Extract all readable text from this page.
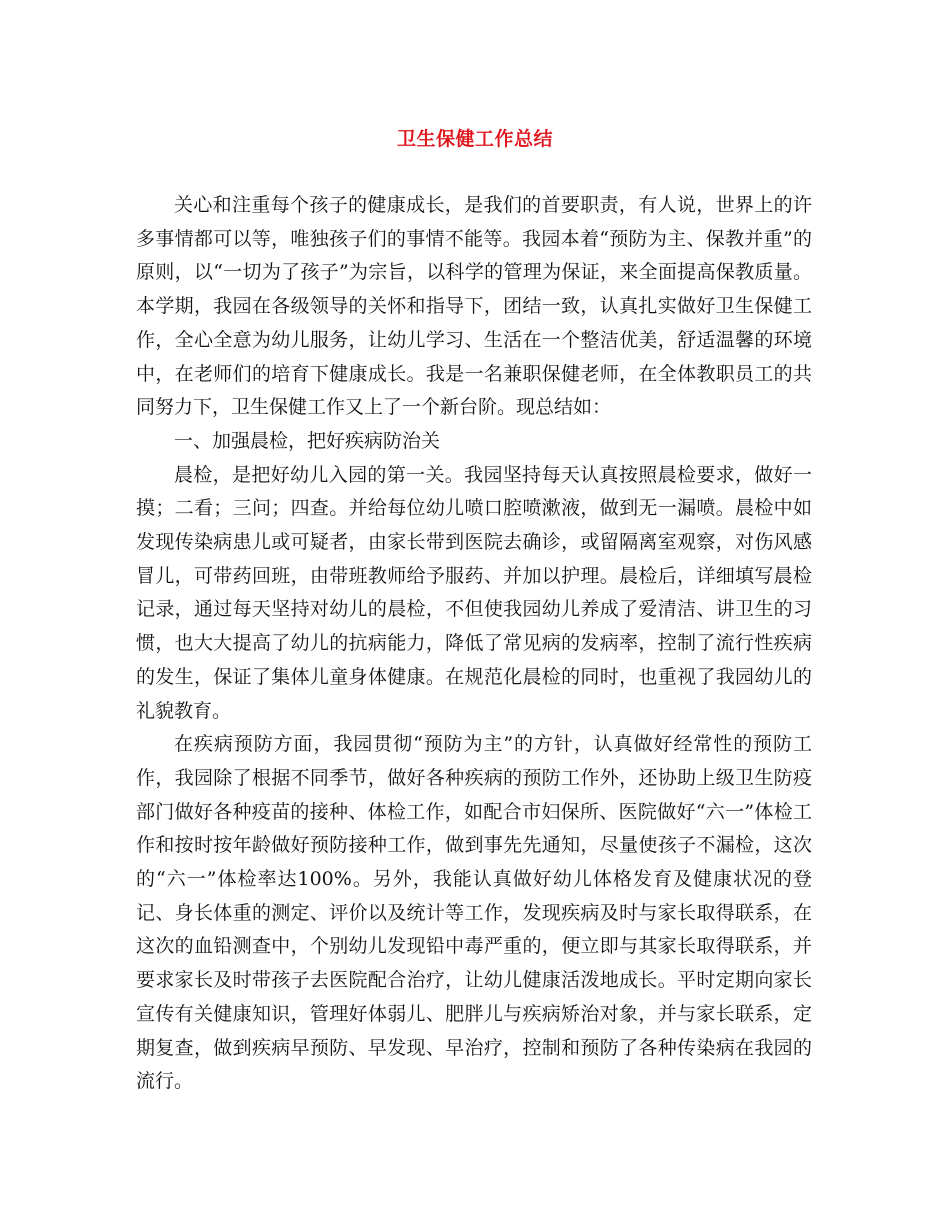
卫生保健工作总结

关心和注重每个孩子的健康成长，是我们的首要职责，有人说，世界上的许多事情都可以等，唯独孩子们的事情不能等。我园本着“预防为主、保教并重”的原则，以“一切为了孩子”为宗旨，以科学的管理为保证，来全面提高保教质量。本学期，我园在各级领导的关怀和指导下，团结一致，认真扎实做好卫生保健工作，全心全意为幼儿服务，让幼儿学习、生活在一个整洁优美，舒适温馨的环境中，在老师们的培育下健康成长。我是一名兼职保健老师，在全体教职员工的共同努力下，卫生保健工作又上了一个新台阶。现总结如：

一、加强晨检，把好疾病防治关

晨检，是把好幼儿入园的第一关。我园坚持每天认真按照晨检要求，做好一摸；二看；三问；四查。并给每位幼儿喷口腔喷漱液，做到无一漏喷。晨检中如发现传染病患儿或可疑者，由家长带到医院去确诊，或留隔离室观察，对伤风感冒儿，可带药回班，由带班教师给予服药、并加以护理。晨检后，详细填写晨检记录，通过每天坚持对幼儿的晨检，不但使我园幼儿养成了爱清洁、讲卫生的习惯，也大大提高了幼儿的抗病能力，降低了常见病的发病率，控制了流行性疾病的发生，保证了集体儿童身体健康。在规范化晨检的同时，也重视了我园幼儿的礼貌教育。

在疾病预防方面，我园贯彻“预防为主”的方针，认真做好经常性的预防工作，我园除了根据不同季节，做好各种疾病的预防工作外，还协助上级卫生防疫部门做好各种疫苗的接种、体检工作，如配合市妇保所、医院做好“六一”体检工作和按时按年龄做好预防接种工作，做到事先先通知，尽量使孩子不漏检，这次的“六一”体检率达100%。另外，我能认真做好幼儿体格发育及健康状况的登记、身长体重的测定、评价以及统计等工作，发现疾病及时与家长取得联系，在这次的血铅测查中，个别幼儿发现铅中毒严重的，便立即与其家长取得联系，并要求家长及时带孩子去医院配合治疗，让幼儿健康活泼地成长。平时定期向家长宣传有关健康知识，管理好体弱儿、肥胖儿与疾病矫治对象，并与家长联系，定期复查，做到疾病早预防、早发现、早治疗，控制和预防了各种传染病在我园的流行。
